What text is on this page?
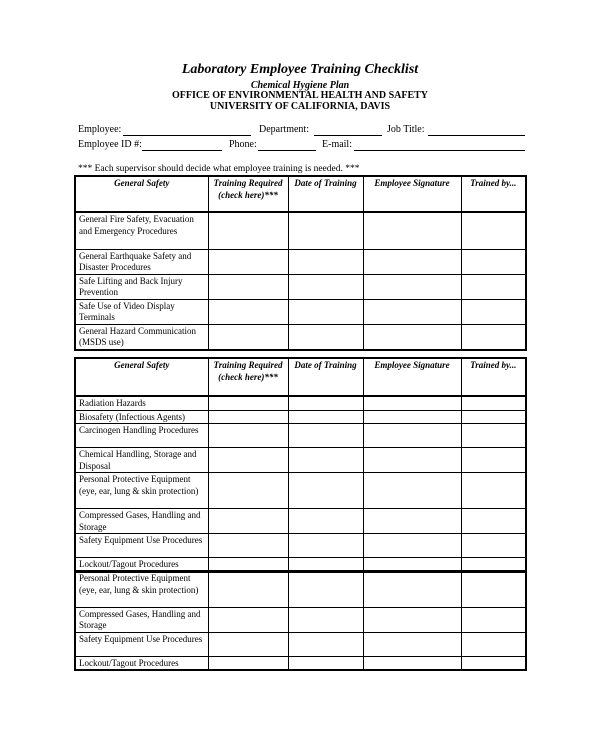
Laboratory Employee Training Checklist
Chemical Hygiene Plan
OFFICE OF ENVIRONMENTAL HEALTH AND SAFETY
UNIVERSITY OF CALIFORNIA, DAVIS
Employee:	Department:	Job Title:
Employee ID #:	Phone:	E-mail:
*** Each supervisor should decide what employee training is needed. ***
General Safety	Training Required (check here)***	Date of Training	Employee Signature	Trained by...
General Fire Safety, Evacuation and Emergency Procedures				
General Earthquake Safety and Disaster Procedures				
Safe Lifting and Back Injury Prevention				
Safe Use of Video Display Terminals				
General Hazard Communication (MSDS use)				
General Safety	Training Required (check here)***	Date of Training	Employee Signature	Trained by...
Radiation Hazards				
Biosafety (Infectious Agents)				
Carcinogen Handling Procedures				
Chemical Handling, Storage and Disposal				
Personal Protective Equipment (eye, ear, lung & skin protection)				
Compressed Gases, Handling and Storage				
Safety Equipment Use Procedures				
Lockout/Tagout Procedures				
Personal Protective Equipment (eye, ear, lung & skin protection)				
Compressed Gases, Handling and Storage				
Safety Equipment Use Procedures				
Lockout/Tagout Procedures				
